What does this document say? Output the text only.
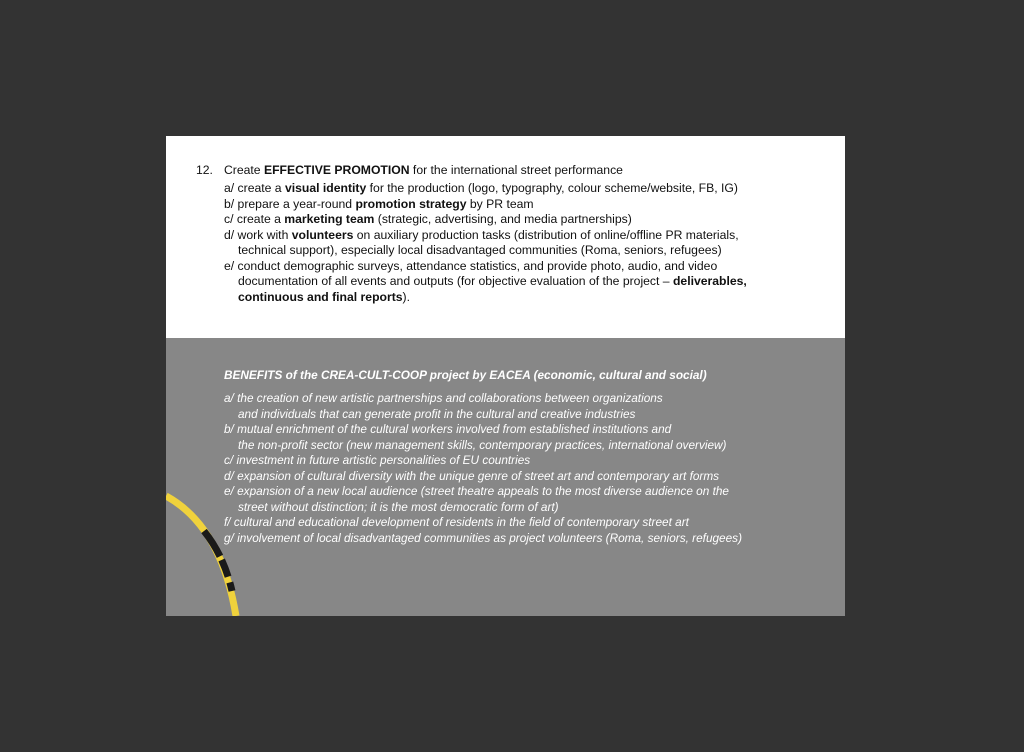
12. Create EFFECTIVE PROMOTION for the international street performance
a/ create a visual identity for the production (logo, typography, colour scheme/website, FB, IG)
b/ prepare a year-round promotion strategy by PR team
c/ create a marketing team (strategic, advertising, and media partnerships)
d/ work with volunteers on auxiliary production tasks (distribution of online/offline PR materials,
technical support), especially local disadvantaged communities (Roma, seniors, refugees)
e/ conduct demographic surveys, attendance statistics, and provide photo, audio, and video
documentation of all events and outputs (for objective evaluation of the project – deliverables,
continuous and final reports).
BENEFITS of the CREA-CULT-COOP project by EACEA (economic, cultural and social)
a/ the creation of new artistic partnerships and collaborations between organizations
and individuals that can generate profit in the cultural and creative industries
b/ mutual enrichment of the cultural workers involved from established institutions and
the non-profit sector (new management skills, contemporary practices, international overview)
c/ investment in future artistic personalities of EU countries
d/ expansion of cultural diversity with the unique genre of street art and contemporary art forms
e/ expansion of a new local audience (street theatre appeals to the most diverse audience on the
street without distinction; it is the most democratic form of art)
f/ cultural and educational development of residents in the field of contemporary street art
g/ involvement of local disadvantaged communities as project volunteers (Roma, seniors, refugees)
